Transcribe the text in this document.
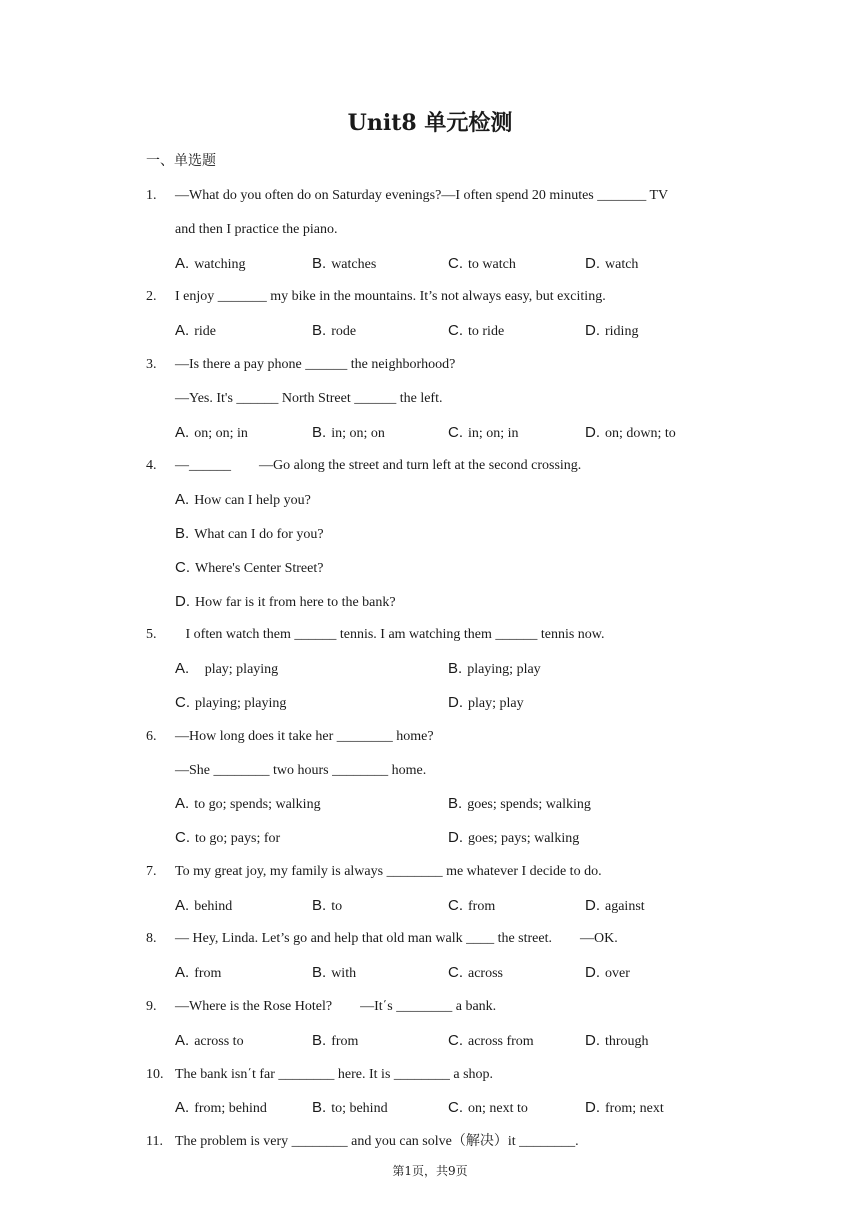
Unit8 单元检测
一、单选题
1. —What do you often do on Saturday evenings?—I often spend 20 minutes _______ TV
and then I practice the piano.
A. watching	B. watches	C. to watch	D. watch
2. I enjoy _______ my bike in the mountains. It’s not always easy, but exciting.
A. ride	B. rode	C. to ride	D. riding
3. —Is there a pay phone ______ the neighborhood?
—Yes. It's ______ North Street ______ the left.
A. on; on; in	B. in; on; on	C. in; on; in	D. on; down; to
4. —______        —Go along the street and turn left at the second crossing.
A. How can I help you?
B. What can I do for you?
C. Where's Center Street?
D. How far is it from here to the bank?
5. I often watch them ______ tennis. I am watching them ______ tennis now.
A.   play; playing	B. playing; play
C. playing; playing	D. play; play
6. —How long does it take her ________ home?
—She ________ two hours ________ home.
A. to go; spends; walking	B. goes; spends; walking
C. to go; pays; for	D. goes; pays; walking
7. To my great joy, my family is always ________ me whatever I decide to do.
A. behind	B. to	C. from	D. against
8. — Hey, Linda. Let’s go and help that old man walk ____ the street.        —OK.
A. from	B. with	C. across	D. over
9. —Where is the Rose Hotel?        —It΄s ________ a bank.
A. across to	B. from	C. across from	D. through
10. The bank isn΄t far ________ here. It is ________ a shop.
A. from; behind	B. to; behind	C. on; next to	D. from; next
11. The problem is very ________ and you can solve（解决）it ________.
第1页，共9页
